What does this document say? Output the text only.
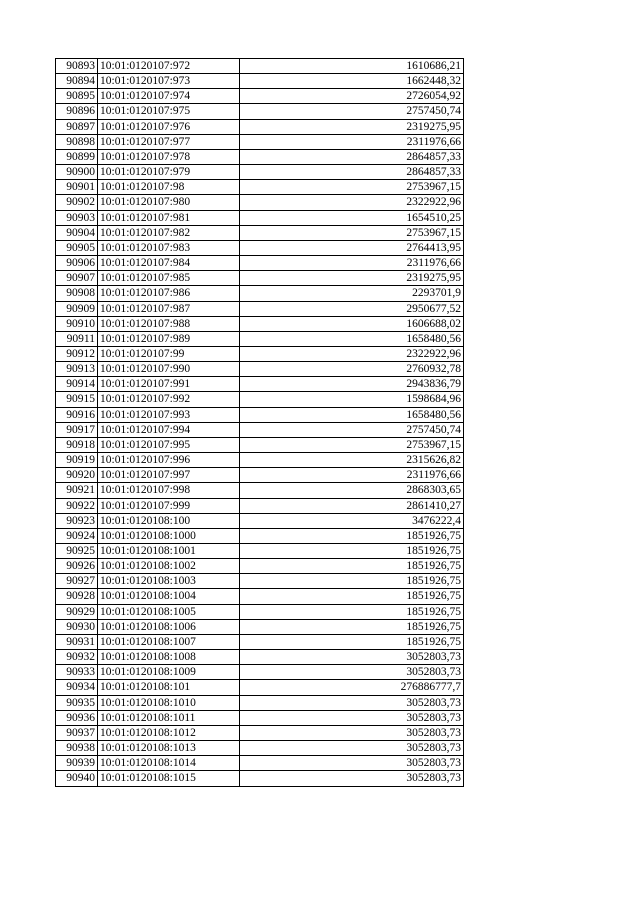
90893	10:01:0120107:972	1610686,21
90894	10:01:0120107:973	1662448,32
90895	10:01:0120107:974	2726054,92
90896	10:01:0120107:975	2757450,74
90897	10:01:0120107:976	2319275,95
90898	10:01:0120107:977	2311976,66
90899	10:01:0120107:978	2864857,33
90900	10:01:0120107:979	2864857,33
90901	10:01:0120107:98	2753967,15
90902	10:01:0120107:980	2322922,96
90903	10:01:0120107:981	1654510,25
90904	10:01:0120107:982	2753967,15
90905	10:01:0120107:983	2764413,95
90906	10:01:0120107:984	2311976,66
90907	10:01:0120107:985	2319275,95
90908	10:01:0120107:986	2293701,9
90909	10:01:0120107:987	2950677,52
90910	10:01:0120107:988	1606688,02
90911	10:01:0120107:989	1658480,56
90912	10:01:0120107:99	2322922,96
90913	10:01:0120107:990	2760932,78
90914	10:01:0120107:991	2943836,79
90915	10:01:0120107:992	1598684,96
90916	10:01:0120107:993	1658480,56
90917	10:01:0120107:994	2757450,74
90918	10:01:0120107:995	2753967,15
90919	10:01:0120107:996	2315626,82
90920	10:01:0120107:997	2311976,66
90921	10:01:0120107:998	2868303,65
90922	10:01:0120107:999	2861410,27
90923	10:01:0120108:100	3476222,4
90924	10:01:0120108:1000	1851926,75
90925	10:01:0120108:1001	1851926,75
90926	10:01:0120108:1002	1851926,75
90927	10:01:0120108:1003	1851926,75
90928	10:01:0120108:1004	1851926,75
90929	10:01:0120108:1005	1851926,75
90930	10:01:0120108:1006	1851926,75
90931	10:01:0120108:1007	1851926,75
90932	10:01:0120108:1008	3052803,73
90933	10:01:0120108:1009	3052803,73
90934	10:01:0120108:101	276886777,7
90935	10:01:0120108:1010	3052803,73
90936	10:01:0120108:1011	3052803,73
90937	10:01:0120108:1012	3052803,73
90938	10:01:0120108:1013	3052803,73
90939	10:01:0120108:1014	3052803,73
90940	10:01:0120108:1015	3052803,73
